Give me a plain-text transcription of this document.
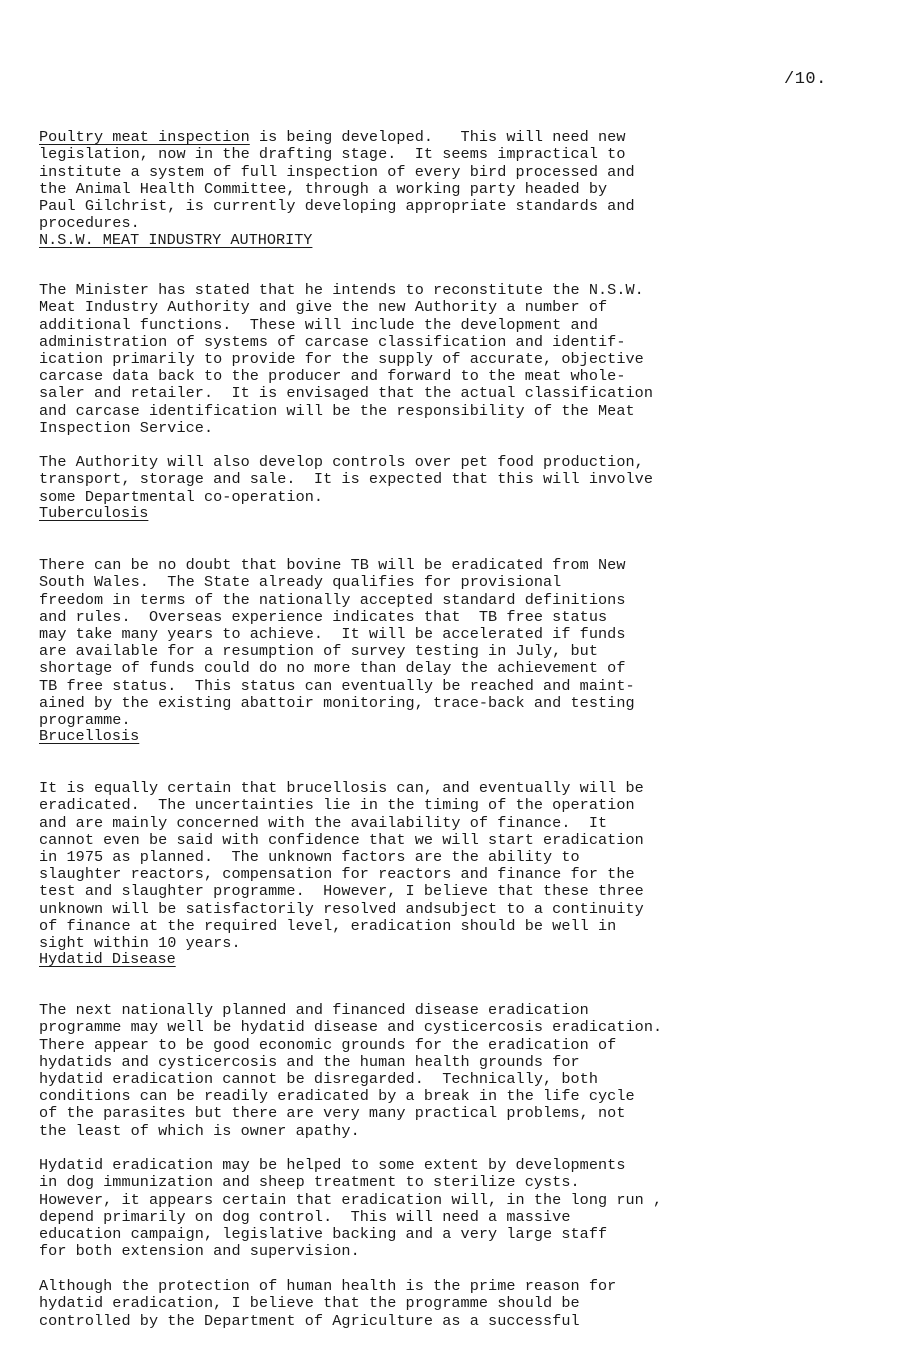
/10.

Poultry meat inspection is being developed.   This will need new
legislation, now in the drafting stage.  It seems impractical to
institute a system of full inspection of every bird processed and
the Animal Health Committee, through a working party headed by
Paul Gilchrist, is currently developing appropriate standards and
procedures.

N.S.W. MEAT INDUSTRY AUTHORITY

The Minister has stated that he intends to reconstitute the N.S.W.
Meat Industry Authority and give the new Authority a number of
additional functions.  These will include the development and
administration of systems of carcase classification and identif-
ication primarily to provide for the supply of accurate, objective
carcase data back to the producer and forward to the meat whole-
saler and retailer.  It is envisaged that the actual classification
and carcase identification will be the responsibility of the Meat
Inspection Service.

The Authority will also develop controls over pet food production,
transport, storage and sale.  It is expected that this will involve
some Departmental co-operation.

Tuberculosis

There can be no doubt that bovine TB will be eradicated from New
South Wales.  The State already qualifies for provisional
freedom in terms of the nationally accepted standard definitions
and rules.  Overseas experience indicates that  TB free status
may take many years to achieve.  It will be accelerated if funds
are available for a resumption of survey testing in July, but
shortage of funds could do no more than delay the achievement of
TB free status.  This status can eventually be reached and maint-
ained by the existing abattoir monitoring, trace-back and testing
programme.

Brucellosis

It is equally certain that brucellosis can, and eventually will be
eradicated.  The uncertainties lie in the timing of the operation
and are mainly concerned with the availability of finance.  It
cannot even be said with confidence that we will start eradication
in 1975 as planned.  The unknown factors are the ability to
slaughter reactors, compensation for reactors and finance for the
test and slaughter programme.  However, I believe that these three
unknown will be satisfactorily resolved andsubject to a continuity
of finance at the required level, eradication should be well in
sight within 10 years.

Hydatid Disease

The next nationally planned and financed disease eradication
programme may well be hydatid disease and cysticercosis eradication.
There appear to be good economic grounds for the eradication of
hydatids and cysticercosis and the human health grounds for
hydatid eradication cannot be disregarded.  Technically, both
conditions can be readily eradicated by a break in the life cycle
of the parasites but there are very many practical problems, not
the least of which is owner apathy.

Hydatid eradication may be helped to some extent by developments
in dog immunization and sheep treatment to sterilize cysts.
However, it appears certain that eradication will, in the long run ,
depend primarily on dog control.  This will need a massive
education campaign, legislative backing and a very large staff
for both extension and supervision.

Although the protection of human health is the prime reason for
hydatid eradication, I believe that the programme should be
controlled by the Department of Agriculture as a successful
